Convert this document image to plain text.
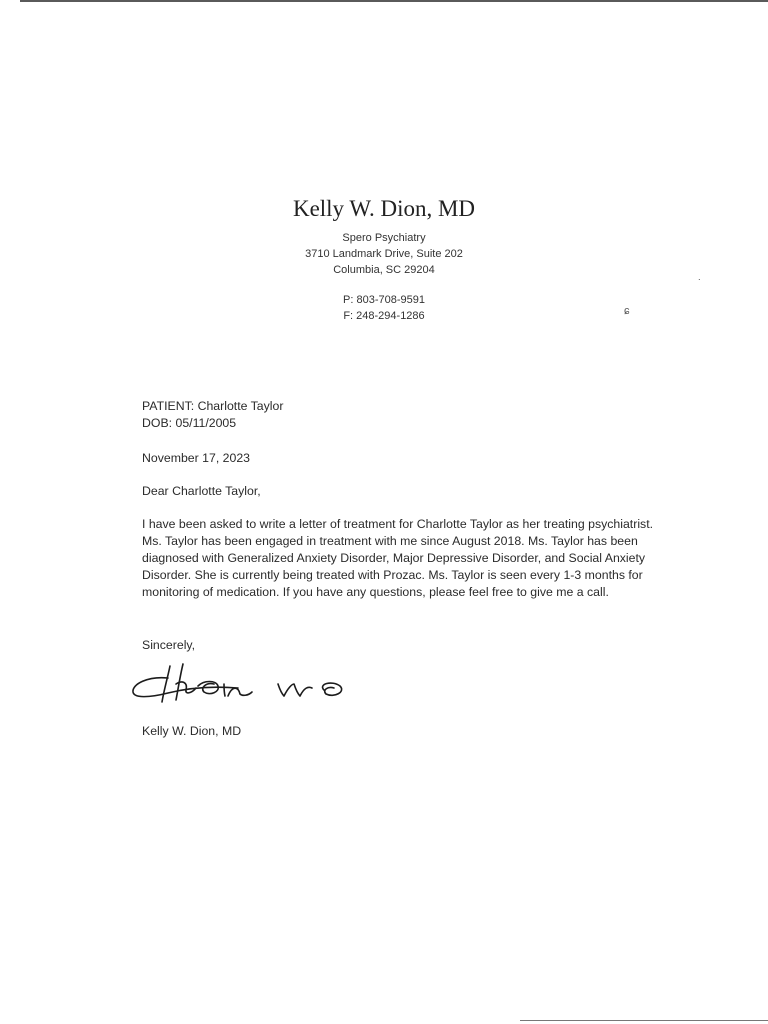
Kelly W. Dion, MD
Spero Psychiatry
3710 Landmark Drive, Suite 202
Columbia, SC 29204
P: 803-708-9591
F: 248-294-1286
˙
ɕ

PATIENT: Charlotte Taylor

DOB: 05/11/2005

November 17, 2023
Dear Charlotte Taylor,

I have been asked to write a letter of treatment for Charlotte Taylor as her treating psychiatrist.

Ms. Taylor has been engaged in treatment with me since August 2018. Ms. Taylor has been

diagnosed with Generalized Anxiety Disorder, Major Depressive Disorder, and Social Anxiety

Disorder. She is currently being treated with Prozac. Ms. Taylor is seen every 1-3 months for

monitoring of medication. If you have any questions, please feel free to give me a call.

Sincerely,
Kelly W. Dion, MD
